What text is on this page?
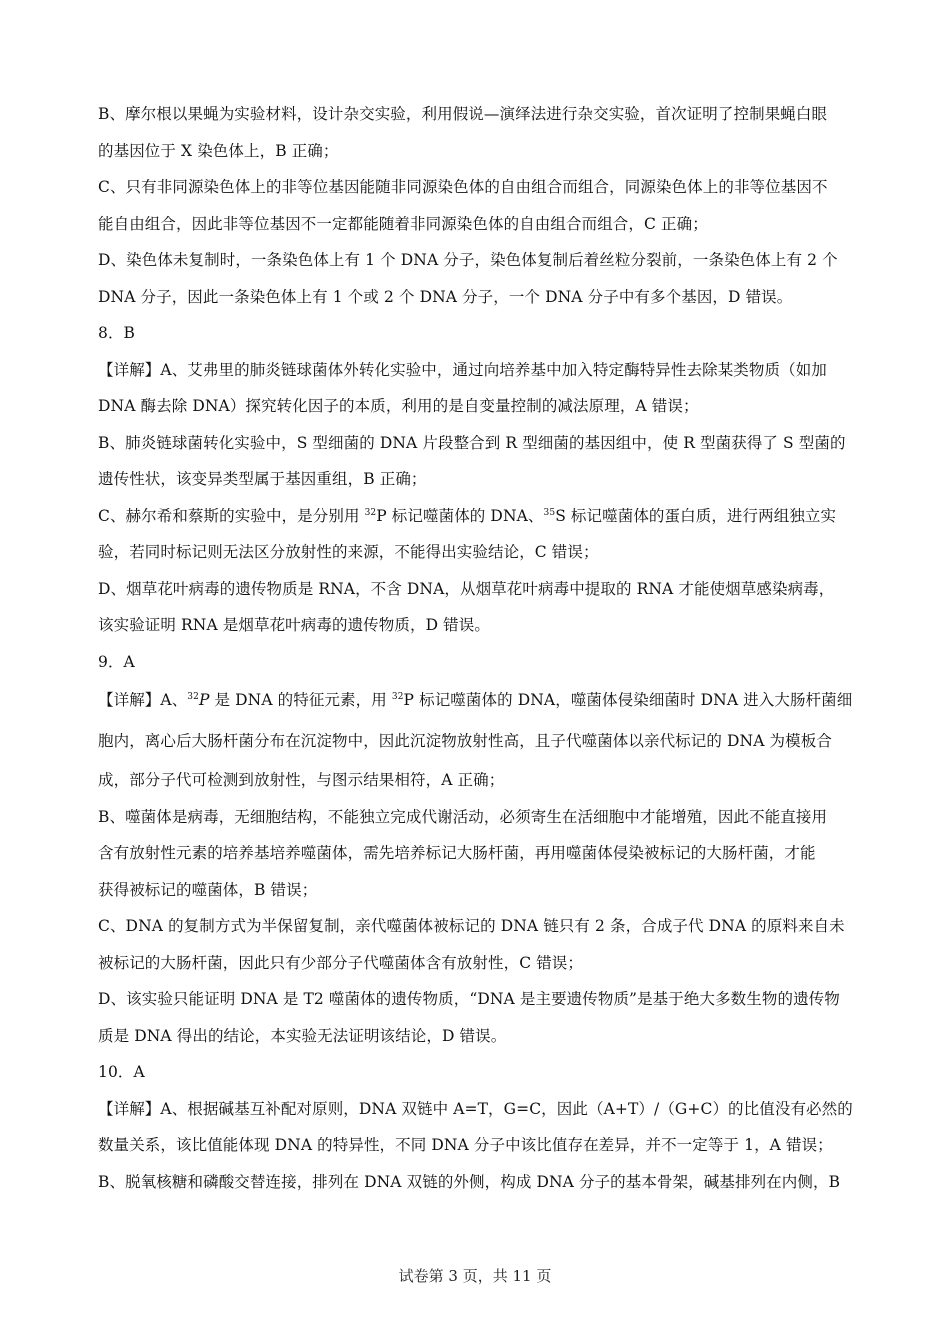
B、摩尔根以果蝇为实验材料，设计杂交实验，利用假说—演绎法进行杂交实验，首次证明了控制果蝇白眼
的基因位于 X 染色体上，B 正确；
C、只有非同源染色体上的非等位基因能随非同源染色体的自由组合而组合，同源染色体上的非等位基因不
能自由组合，因此非等位基因不一定都能随着非同源染色体的自由组合而组合，C 正确；
D、染色体未复制时，一条染色体上有 1 个 DNA 分子，染色体复制后着丝粒分裂前，一条染色体上有 2 个
DNA 分子，因此一条染色体上有 1 个或 2 个 DNA 分子，一个 DNA 分子中有多个基因，D 错误。
8．B
【详解】A、艾弗里的肺炎链球菌体外转化实验中，通过向培养基中加入特定酶特异性去除某类物质（如加
DNA 酶去除 DNA）探究转化因子的本质，利用的是自变量控制的减法原理，A 错误；
B、肺炎链球菌转化实验中，S 型细菌的 DNA 片段整合到 R 型细菌的基因组中，使 R 型菌获得了 S 型菌的
遗传性状，该变异类型属于基因重组，B 正确；
C、赫尔希和蔡斯的实验中，是分别用 $^{32}$P 标记噬菌体的 DNA、$^{35}$S 标记噬菌体的蛋白质，进行两组独立实
验，若同时标记则无法区分放射性的来源，不能得出实验结论，C 错误；
D、烟草花叶病毒的遗传物质是 RNA，不含 DNA，从烟草花叶病毒中提取的 RNA 才能使烟草感染病毒，
该实验证明 RNA 是烟草花叶病毒的遗传物质，D 错误。
9．A
【详解】A、$^{32}$P 是 DNA 的特征元素，用 $^{32}$P 标记噬菌体的 DNA，噬菌体侵染细菌时 DNA 进入大肠杆菌细
胞内，离心后大肠杆菌分布在沉淀物中，因此沉淀物放射性高，且子代噬菌体以亲代标记的 DNA 为模板合
成，部分子代可检测到放射性，与图示结果相符，A 正确；
B、噬菌体是病毒，无细胞结构，不能独立完成代谢活动，必须寄生在活细胞中才能增殖，因此不能直接用
含有放射性元素的培养基培养噬菌体，需先培养标记大肠杆菌，再用噬菌体侵染被标记的大肠杆菌，才能
获得被标记的噬菌体，B 错误；
C、DNA 的复制方式为半保留复制，亲代噬菌体被标记的 DNA 链只有 2 条，合成子代 DNA 的原料来自未
被标记的大肠杆菌，因此只有少部分子代噬菌体含有放射性，C 错误；
D、该实验只能证明 DNA 是 T2 噬菌体的遗传物质，“DNA 是主要遗传物质”是基于绝大多数生物的遗传物
质是 DNA 得出的结论，本实验无法证明该结论，D 错误。
10．A
【详解】A、根据碱基互补配对原则，DNA 双链中 A=T，G=C，因此（A+T）/（G+C）的比值没有必然的
数量关系，该比值能体现 DNA 的特异性，不同 DNA 分子中该比值存在差异，并不一定等于 1，A 错误；
B、脱氧核糖和磷酸交替连接，排列在 DNA 双链的外侧，构成 DNA 分子的基本骨架，碱基排列在内侧，B
试卷第 3 页，共 11 页
